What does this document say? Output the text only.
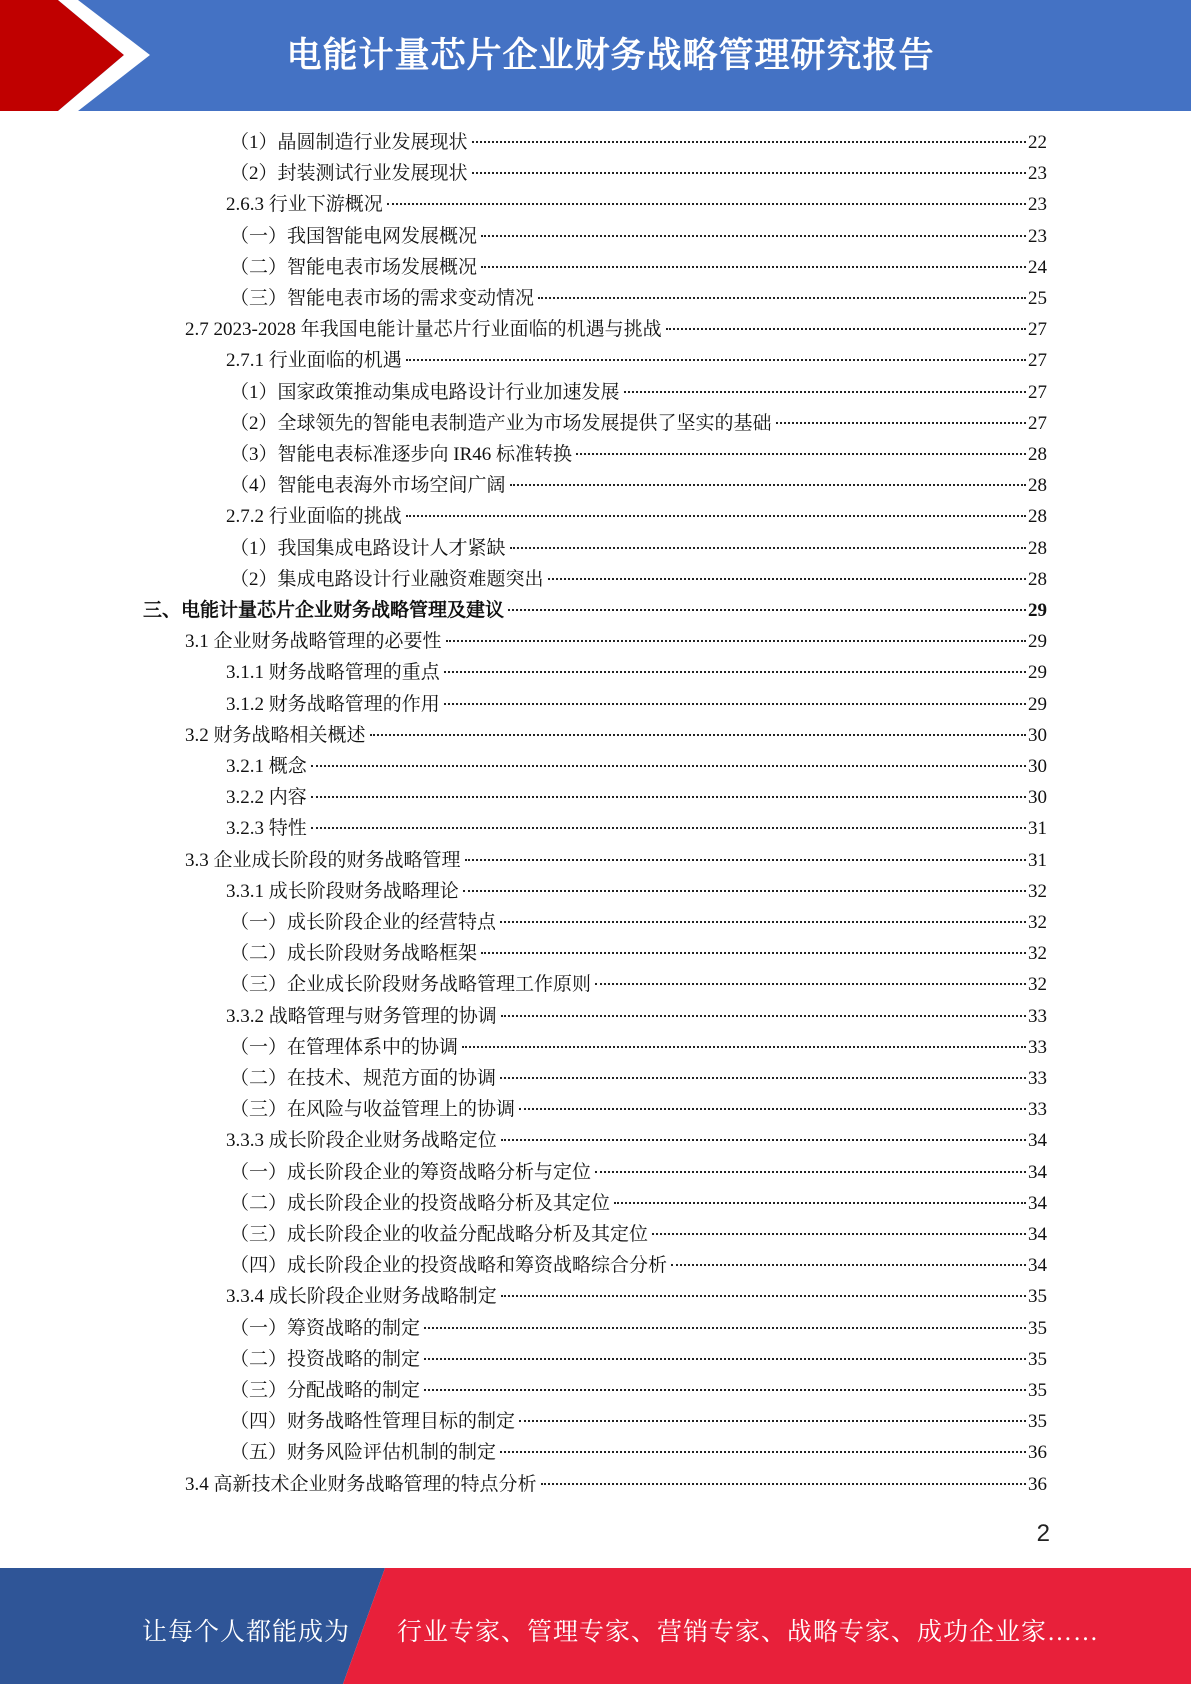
电能计量芯片企业财务战略管理研究报告
（1）晶圆制造行业发展现状	22
（2）封装测试行业发展现状	23
2.6.3 行业下游概况	23
（一）我国智能电网发展概况	23
（二）智能电表市场发展概况	24
（三）智能电表市场的需求变动情况	25
2.7 2023-2028 年我国电能计量芯片行业面临的机遇与挑战	27
2.7.1 行业面临的机遇	27
（1）国家政策推动集成电路设计行业加速发展	27
（2）全球领先的智能电表制造产业为市场发展提供了坚实的基础	27
（3）智能电表标准逐步向 IR46 标准转换	28
（4）智能电表海外市场空间广阔	28
2.7.2 行业面临的挑战	28
（1）我国集成电路设计人才紧缺	28
（2）集成电路设计行业融资难题突出	28
三、电能计量芯片企业财务战略管理及建议	29
3.1 企业财务战略管理的必要性	29
3.1.1 财务战略管理的重点	29
3.1.2 财务战略管理的作用	29
3.2 财务战略相关概述	30
3.2.1 概念	30
3.2.2 内容	30
3.2.3 特性	31
3.3 企业成长阶段的财务战略管理	31
3.3.1 成长阶段财务战略理论	32
（一）成长阶段企业的经营特点	32
（二）成长阶段财务战略框架	32
（三）企业成长阶段财务战略管理工作原则	32
3.3.2 战略管理与财务管理的协调	33
（一）在管理体系中的协调	33
（二）在技术、规范方面的协调	33
（三）在风险与收益管理上的协调	33
3.3.3 成长阶段企业财务战略定位	34
（一）成长阶段企业的筹资战略分析与定位	34
（二）成长阶段企业的投资战略分析及其定位	34
（三）成长阶段企业的收益分配战略分析及其定位	34
（四）成长阶段企业的投资战略和筹资战略综合分析	34
3.3.4 成长阶段企业财务战略制定	35
（一）筹资战略的制定	35
（二）投资战略的制定	35
（三）分配战略的制定	35
（四）财务战略性管理目标的制定	35
（五）财务风险评估机制的制定	36
3.4 高新技术企业财务战略管理的特点分析	36
2
让每个人都能成为 行业专家、管理专家、营销专家、战略专家、成功企业家……
